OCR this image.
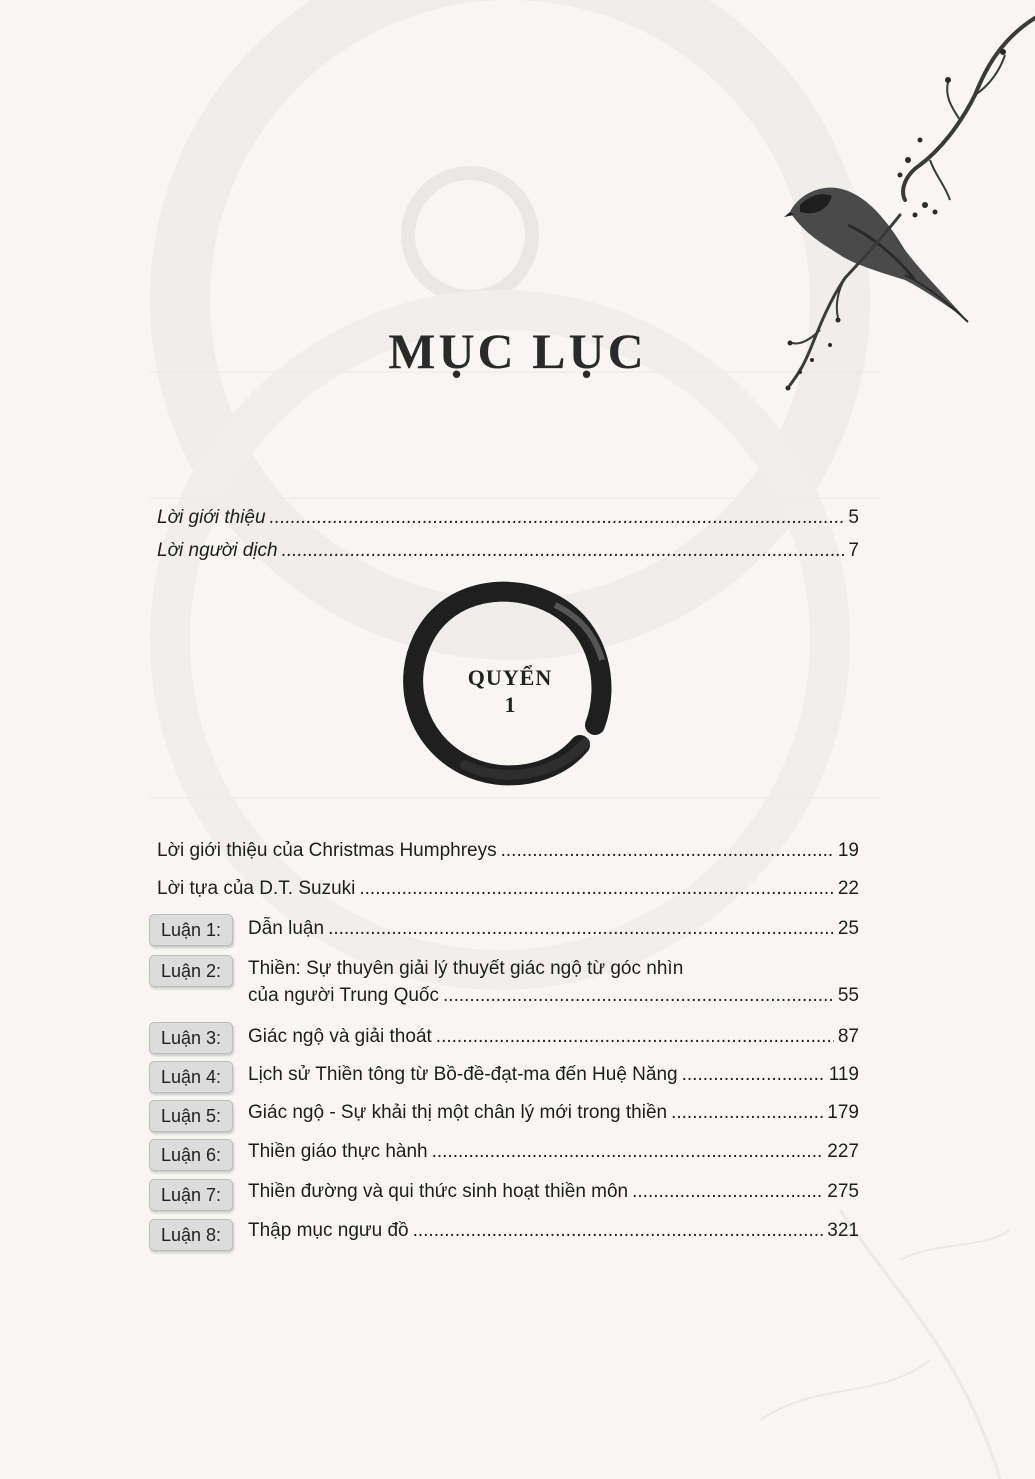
MỤC LỤC
Lời giới thiệu .....	5
Lời người dịch .....	7
QUYỂN
1
Lời giới thiệu của Christmas Humphreys .....	19
Lời tựa của D.T. Suzuki .....	22
Luận 1:	Dẫn luận .....	25
Luận 2:	Thiền: Sự thuyên giải lý thuyết giác ngộ từ góc nhìn
của người Trung Quốc .....	55
Luận 3:	Giác ngộ và giải thoát .....	87
Luận 4:	Lịch sử Thiền tông từ Bồ-đề-đạt-ma đến Huệ Năng .....	119
Luận 5:	Giác ngộ - Sự khải thị một chân lý mới trong thiền .....	179
Luận 6:	Thiền giáo thực hành .....	227
Luận 7:	Thiền đường và qui thức sinh hoạt thiền môn .....	275
Luận 8:	Thập mục ngưu đồ .....	321
